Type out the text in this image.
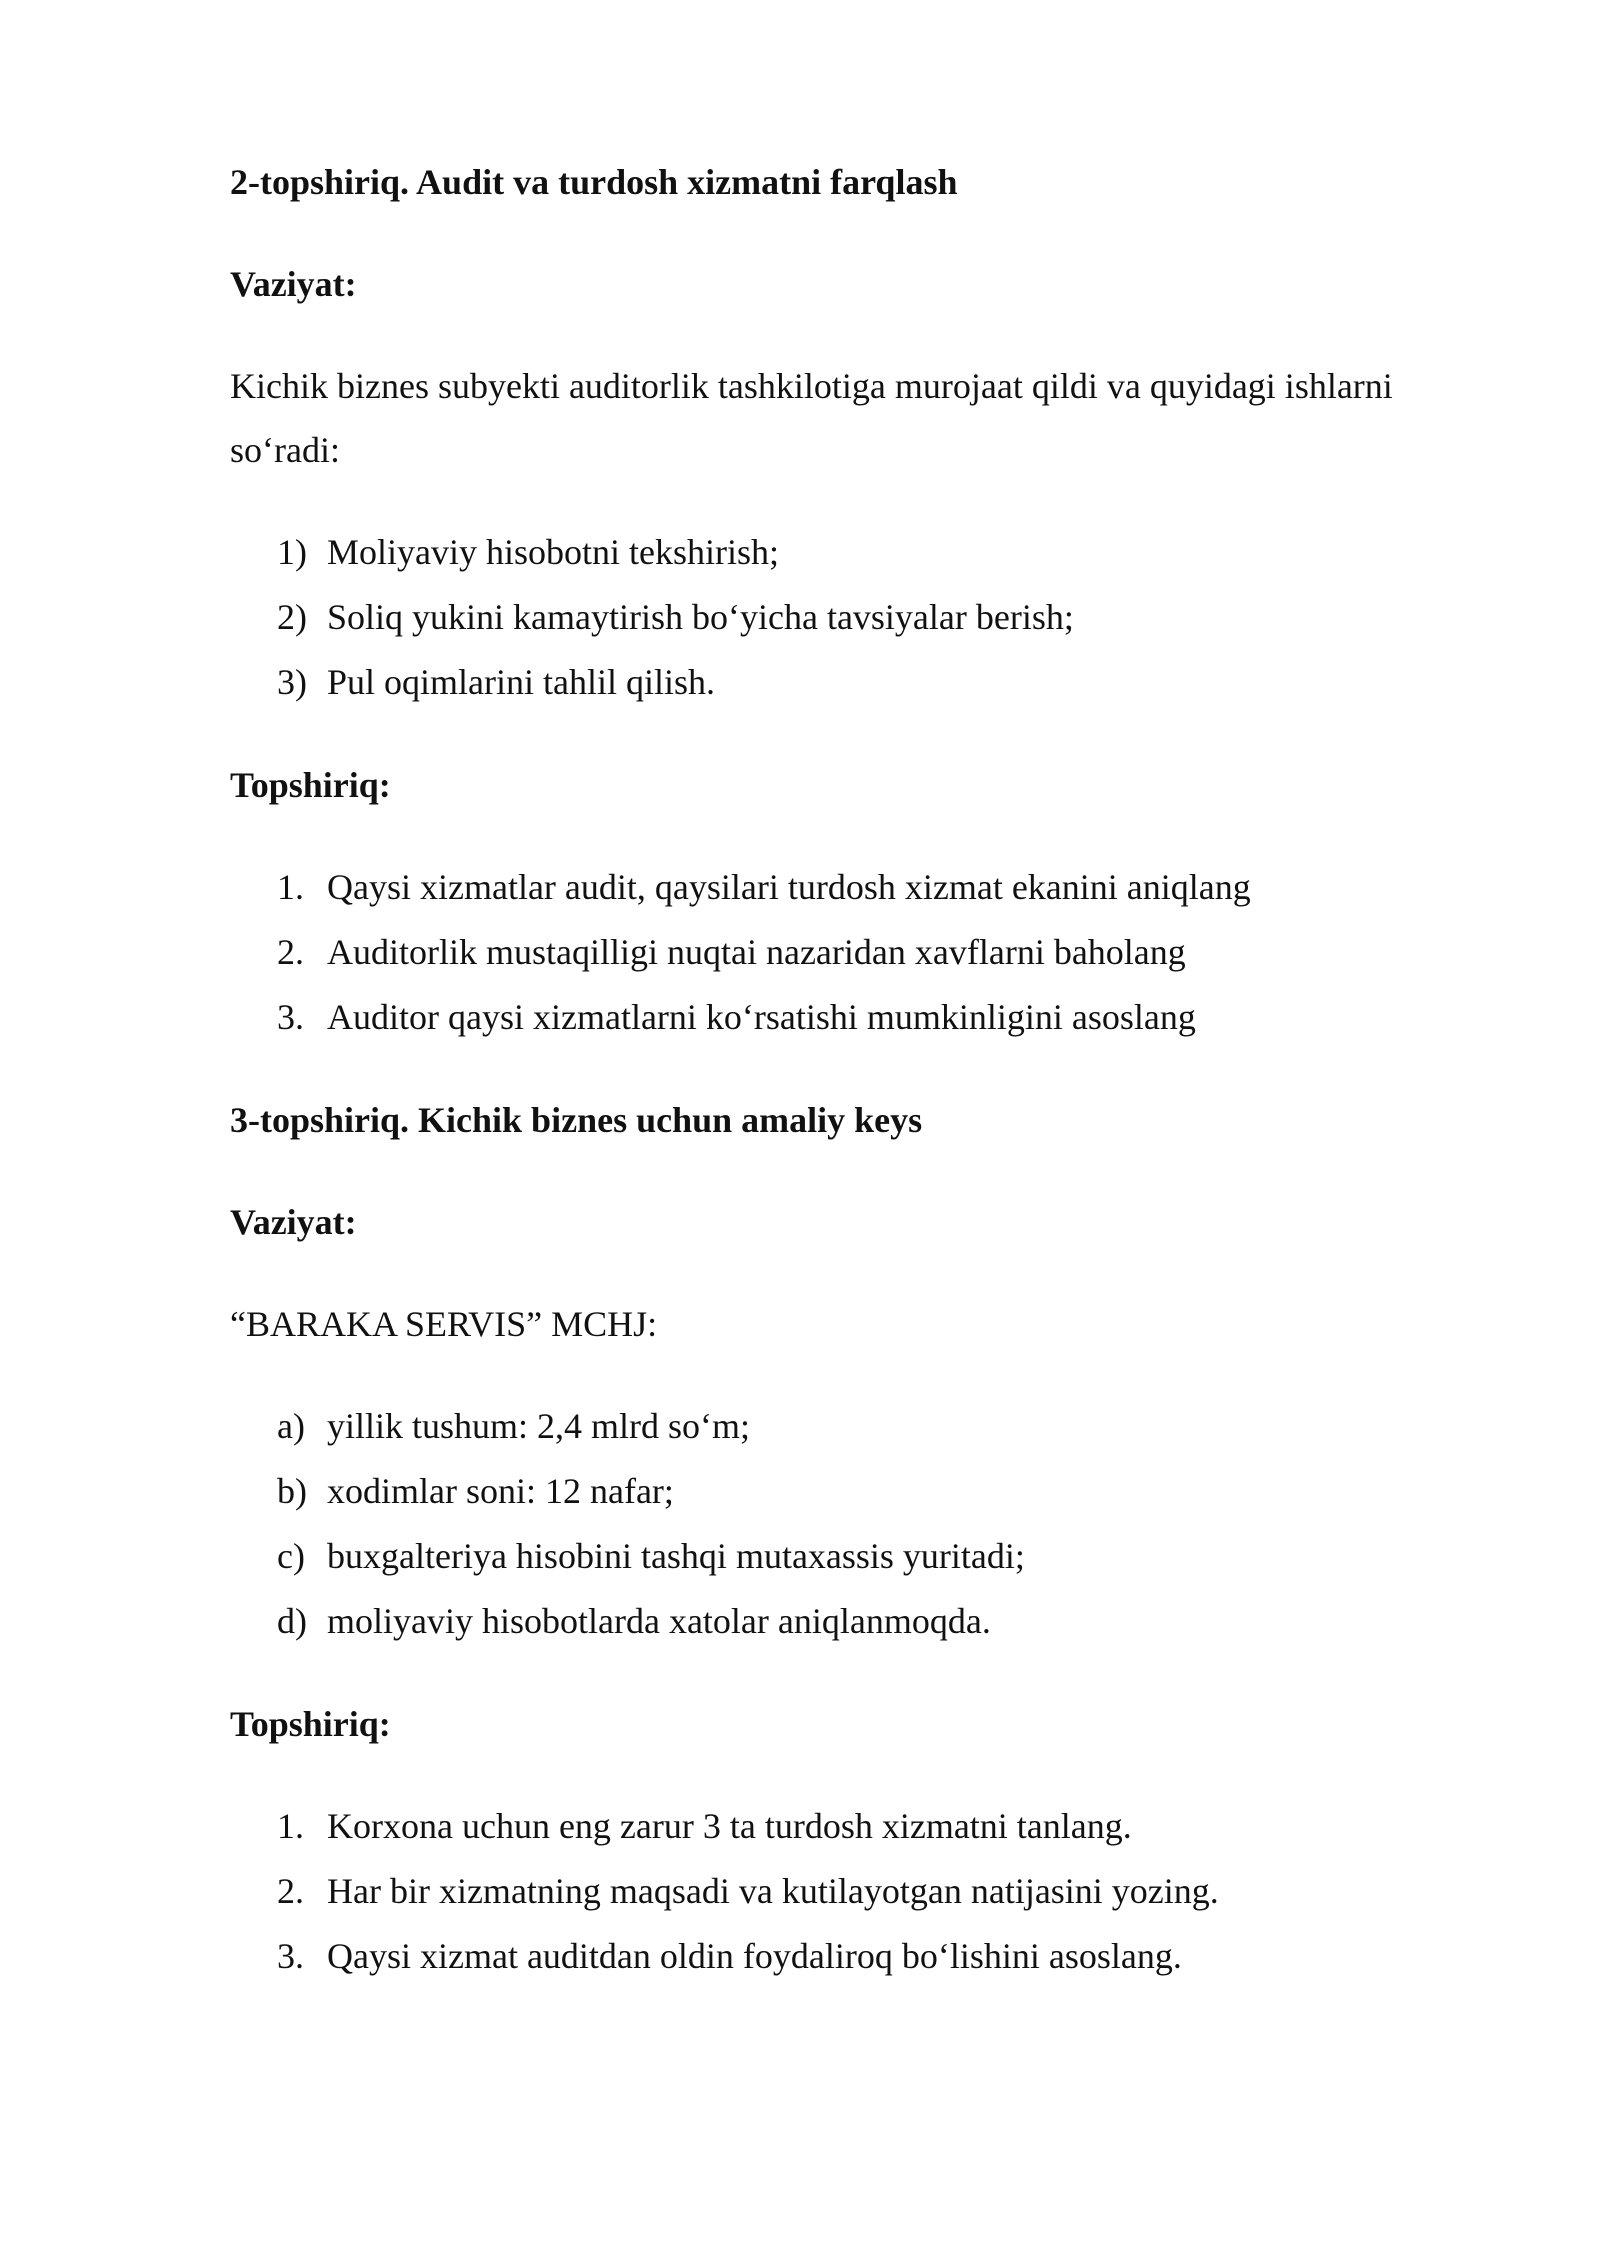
2-topshiriq. Audit va turdosh xizmatni farqlash

Vaziyat:

Kichik biznes subyekti auditorlik tashkilotiga murojaat qildi va quyidagi ishlarni
so‘radi:

1) Moliyaviy hisobotni tekshirish;
2) Soliq yukini kamaytirish bo‘yicha tavsiyalar berish;
3) Pul oqimlarini tahlil qilish.

Topshiriq:

1. Qaysi xizmatlar audit, qaysilari turdosh xizmat ekanini aniqlang
2. Auditorlik mustaqilligi nuqtai nazaridan xavflarni baholang
3. Auditor qaysi xizmatlarni ko‘rsatishi mumkinligini asoslang

3-topshiriq. Kichik biznes uchun amaliy keys

Vaziyat:

“BARAKA SERVIS” MCHJ:

a) yillik tushum: 2,4 mlrd so‘m;
b) xodimlar soni: 12 nafar;
c) buxgalteriya hisobini tashqi mutaxassis yuritadi;
d) moliyaviy hisobotlarda xatolar aniqlanmoqda.

Topshiriq:

1. Korxona uchun eng zarur 3 ta turdosh xizmatni tanlang.
2. Har bir xizmatning maqsadi va kutilayotgan natijasini yozing.
3. Qaysi xizmat auditdan oldin foydaliroq bo‘lishini asoslang.
